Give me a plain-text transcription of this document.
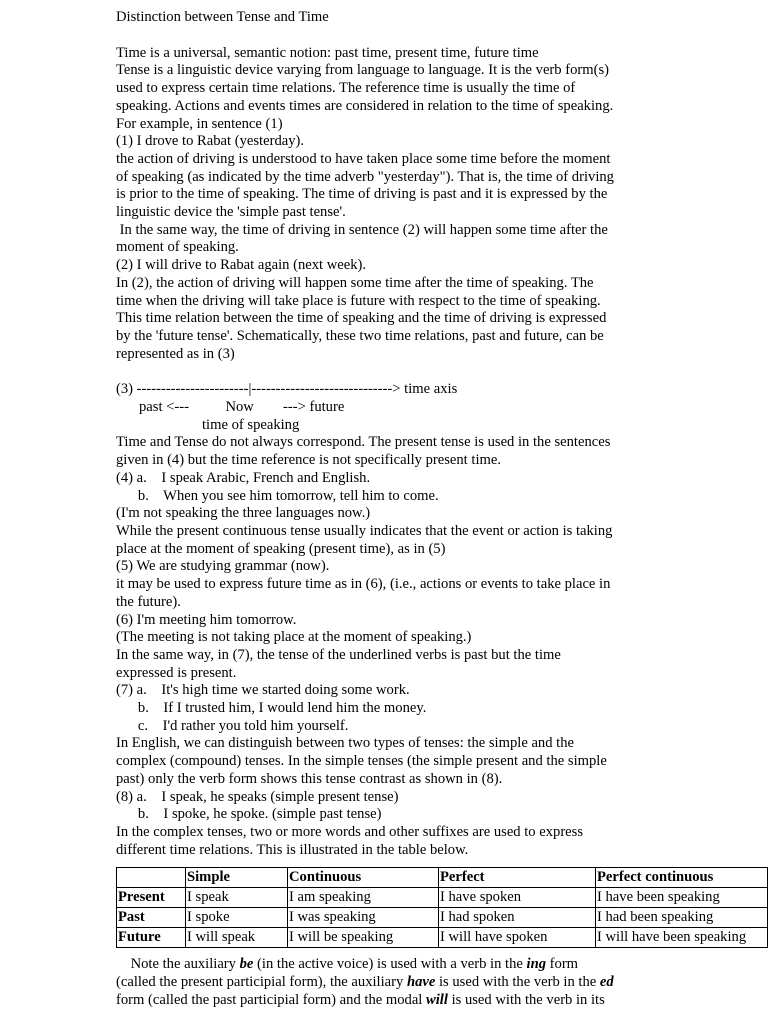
Distinction between Tense and Time
Time is a universal, semantic notion: past time, present time, future time
Tense is a linguistic device varying from language to language. It is the verb form(s)
used to express certain time relations. The reference time is usually the time of
speaking. Actions and events times are considered in relation to the time of speaking.
For example, in sentence (1)
(1) I drove to Rabat (yesterday).
the action of driving is understood to have taken place some time before the moment
of speaking (as indicated by the time adverb "yesterday"). That is, the time of driving
is prior to the time of speaking. The time of driving is past and it is expressed by the
linguistic device the 'simple past tense'.
In the same way, the time of driving in sentence (2) will happen some time after the
moment of speaking.
(2) I will drive to Rabat again (next week).
In (2), the action of driving will happen some time after the time of speaking. The
time when the driving will take place is future with respect to the time of speaking.
This time relation between the time of speaking and the time of driving is expressed
by the 'future tense'. Schematically, these two time relations, past and future, can be
represented as in (3)
(3) -----------------------|-----------------------------> time axis
past <---          Now        ---> future
time of speaking
Time and Tense do not always correspond. The present tense is used in the sentences
given in (4) but the time reference is not specifically present time.
(4) a.    I speak Arabic, French and English.
b.    When you see him tomorrow, tell him to come.
(I'm not speaking the three languages now.)
While the present continuous tense usually indicates that the event or action is taking
place at the moment of speaking (present time), as in (5)
(5) We are studying grammar (now).
it may be used to express future time as in (6), (i.e., actions or events to take place in
the future).
(6) I'm meeting him tomorrow.
(The meeting is not taking place at the moment of speaking.)
In the same way, in (7), the tense of the underlined verbs is past but the time
expressed is present.
(7) a.    It's high time we started doing some work.
b.    If I trusted him, I would lend him the money.
c.    I'd rather you told him yourself.
In English, we can distinguish between two types of tenses: the simple and the
complex (compound) tenses. In the simple tenses (the simple present and the simple
past) only the verb form shows this tense contrast as shown in (8).
(8) a.    I speak, he speaks (simple present tense)
b.    I spoke, he spoke. (simple past tense)
In the complex tenses, two or more words and other suffixes are used to express
different time relations. This is illustrated in the table below.
	Simple	Continuous	Perfect	Perfect continuous
Present	I speak	I am speaking	I have spoken	I have been speaking
Past	I spoke	I was speaking	I had spoken	I had been speaking
Future	I will speak	I will be speaking	I will have spoken	I will have been speaking
Note the auxiliary be (in the active voice) is used with a verb in the ing form
(called the present participial form), the auxiliary have is used with the verb in the ed
form (called the past participial form) and the modal will is used with the verb in its
